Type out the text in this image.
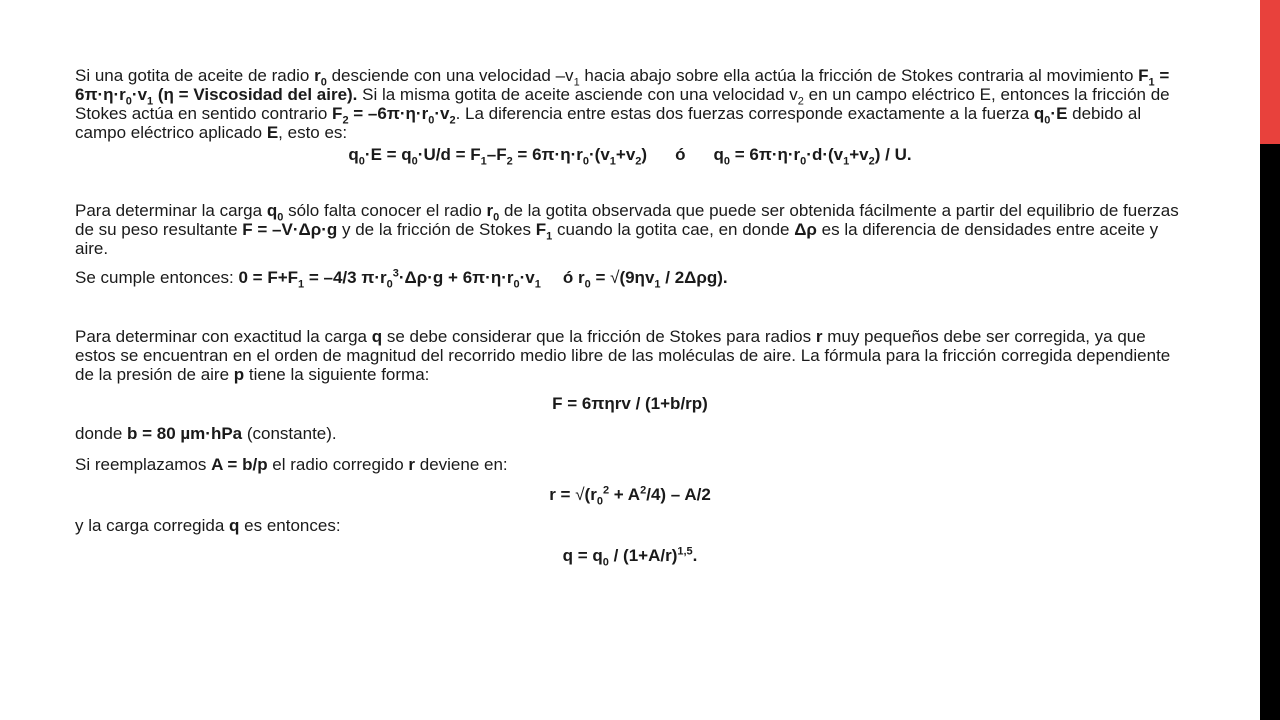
Si una gotita de aceite de radio $r_0$ desciende con una velocidad $-v_1$ hacia abajo sobre ella actúa la fricción de Stokes contraria al movimiento $F_1 = 6\pi\cdot\eta\cdot r_0\cdot v_1$ (η = Viscosidad del aire). Si la misma gotita de aceite asciende con una velocidad $v_2$ en un campo eléctrico E, entonces la fricción de Stokes actúa en sentido contrario $F_2 = -6\pi\cdot\eta\cdot r_0\cdot v_2$. La diferencia entre estas dos fuerzas corresponde exactamente a la fuerza $q_0\cdot E$ debido al campo eléctrico aplicado E, esto es:

$q_0\cdot E = q_0\cdot U/d = F_1-F_2 = 6\pi\cdot\eta\cdot r_0\cdot(v_1+v_2)$ ó $q_0 = 6\pi\cdot\eta\cdot r_0\cdot d\cdot(v_1+v_2) / U$.

Para determinar la carga $q_0$ sólo falta conocer el radio $r_0$ de la gotita observada que puede ser obtenida fácilmente a partir del equilibrio de fuerzas de su peso resultante F = –V·Δρ·g y de la fricción de Stokes $F_1$ cuando la gotita cae, en donde Δρ es la diferencia de densidades entre aceite y aire.

Se cumple entonces: $0 = F+F_1 = -4/3$ $\pi\cdot r_0^3\cdot\Delta\rho\cdot g + 6\pi\cdot\eta\cdot r_0\cdot v_1$ ó $r_0 = √(9\eta v_1 / 2\Delta\rho g)$.

Para determinar con exactitud la carga q se debe considerar que la fricción de Stokes para radios r muy pequeños debe ser corregida, ya que estos se encuentran en el orden de magnitud del recorrido medio libre de las moléculas de aire. La fórmula para la fricción corregida dependiente de la presión de aire p tiene la siguiente forma:

F = 6πηrv / (1+b/rp)

donde b = 80 µm·hPa (constante).

Si reemplazamos A = b/p el radio corregido r deviene en:

$r = √(r_0^2 + A^2/4) - A/2$

y la carga corregida q es entonces:

$q = q_0 / (1+A/r)^{1,5}$.
